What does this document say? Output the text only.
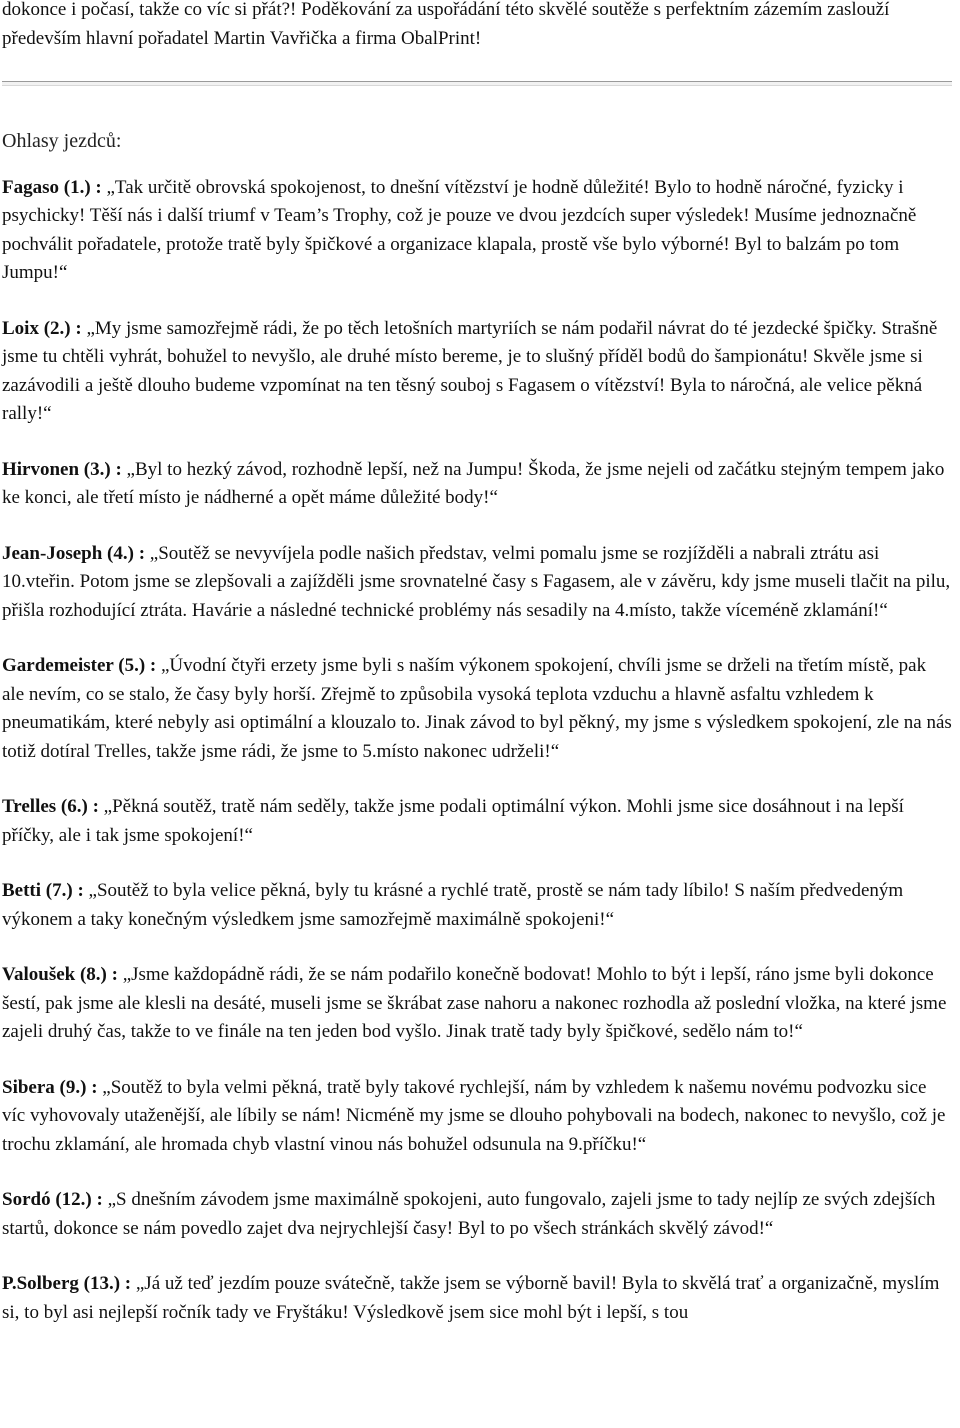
dokonce i počasí, takže co víc si přát?! Poděkování za uspořádání této skvělé soutěže s perfektním zázemím zaslouží především hlavní pořadatel Martin Vavřička a firma ObalPrint!

Ohlasy jezdců:

Fagaso (1.) : „Tak určitě obrovská spokojenost, to dnešní vítězství je hodně důležité! Bylo to hodně náročné, fyzicky i psychicky! Těší nás i další triumf v Team’s Trophy, což je pouze ve dvou jezdcích super výsledek! Musíme jednoznačně pochválit pořadatele, protože tratě byly špičkové a organizace klapala, prostě vše bylo výborné! Byl to balzám po tom Jumpu!“

Loix (2.) : „My jsme samozřejmě rádi, že po těch letošních martyriích se nám podařil návrat do té jezdecké špičky. Strašně jsme tu chtěli vyhrát, bohužel to nevyšlo, ale druhé místo bereme, je to slušný příděl bodů do šampionátu! Skvěle jsme si zazávodili a ještě dlouho budeme vzpomínat na ten těsný souboj s Fagasem o vítězství! Byla to náročná, ale velice pěkná rally!“

Hirvonen (3.) : „Byl to hezký závod, rozhodně lepší, než na Jumpu! Škoda, že jsme nejeli od začátku stejným tempem jako ke konci, ale třetí místo je nádherné a opět máme důležité body!“

Jean-Joseph (4.) : „Soutěž se nevyvíjela podle našich představ, velmi pomalu jsme se rozjížděli a nabrali ztrátu asi 10.vteřin. Potom jsme se zlepšovali a zajížděli jsme srovnatelné časy s Fagasem, ale v závěru, kdy jsme museli tlačit na pilu, přišla rozhodující ztráta. Havárie a následné technické problémy nás sesadily na 4.místo, takže víceméně zklamání!“

Gardemeister (5.) : „Úvodní čtyři erzety jsme byli s naším výkonem spokojení, chvíli jsme se drželi na třetím místě, pak ale nevím, co se stalo, že časy byly horší. Zřejmě to způsobila vysoká teplota vzduchu a hlavně asfaltu vzhledem k pneumatikám, které nebyly asi optimální a klouzalo to. Jinak závod to byl pěkný, my jsme s výsledkem spokojení, zle na nás totiž dotíral Trelles, takže jsme rádi, že jsme to 5.místo nakonec udrželi!“

Trelles (6.) : „Pěkná soutěž, tratě nám seděly, takže jsme podali optimální výkon. Mohli jsme sice dosáhnout i na lepší příčky, ale i tak jsme spokojení!“

Betti (7.) : „Soutěž to byla velice pěkná, byly tu krásné a rychlé tratě, prostě se nám tady líbilo! S naším předvedeným výkonem a taky konečným výsledkem jsme samozřejmě maximálně spokojeni!“

Valoušek (8.) : „Jsme každopádně rádi, že se nám podařilo konečně bodovat! Mohlo to být i lepší, ráno jsme byli dokonce šestí, pak jsme ale klesli na desáté, museli jsme se škrábat zase nahoru a nakonec rozhodla až poslední vložka, na které jsme zajeli druhý čas, takže to ve finále na ten jeden bod vyšlo. Jinak tratě tady byly špičkové, sedělo nám to!“

Sibera (9.) : „Soutěž to byla velmi pěkná, tratě byly takové rychlejší, nám by vzhledem k našemu novému podvozku sice víc vyhovovaly utaženější, ale líbily se nám! Nicméně my jsme se dlouho pohybovali na bodech, nakonec to nevyšlo, což je trochu zklamání, ale hromada chyb vlastní vinou nás bohužel odsunula na 9.příčku!“

Sordó (12.) : „S dnešním závodem jsme maximálně spokojeni, auto fungovalo, zajeli jsme to tady nejlíp ze svých zdejších startů, dokonce se nám povedlo zajet dva nejrychlejší časy! Byl to po všech stránkách skvělý závod!“

P.Solberg (13.) : „Já už teď jezdím pouze svátečně, takže jsem se výborně bavil! Byla to skvělá trať a organizačně, myslím si, to byl asi nejlepší ročník tady ve Fryštáku! Výsledkově jsem sice mohl být i lepší, s tou
